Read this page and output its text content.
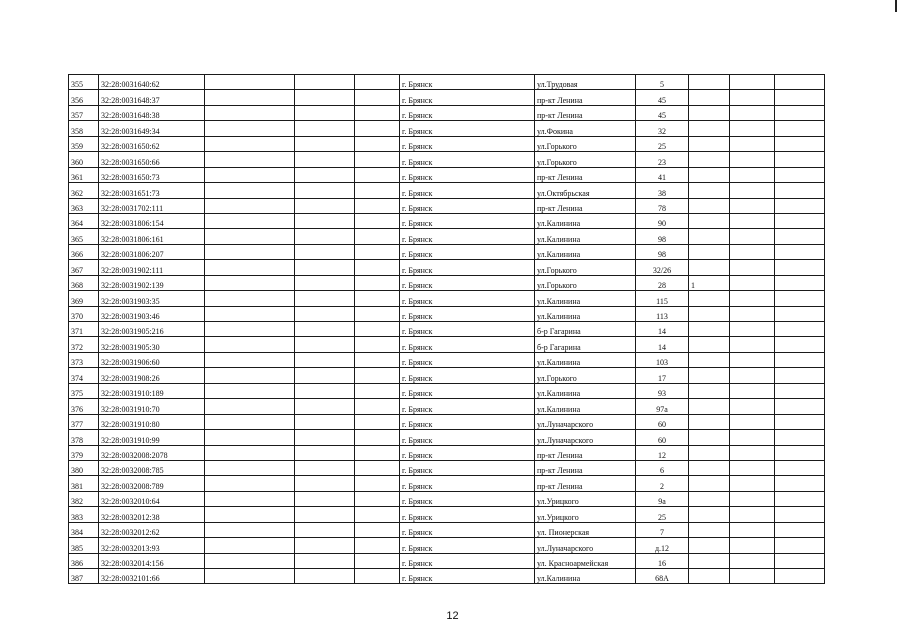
355	32:28:0031640:62				г. Брянск	ул.Трудовая	5			
356	32:28:0031648:37				г. Брянск	пр-кт Ленина	45			
357	32:28:0031648:38				г. Брянск	пр-кт Ленина	45			
358	32:28:0031649:34				г. Брянск	ул.Фокина	32			
359	32:28:0031650:62				г. Брянск	ул.Горького	25			
360	32:28:0031650:66				г. Брянск	ул.Горького	23			
361	32:28:0031650:73				г. Брянск	пр-кт Ленина	41			
362	32:28:0031651:73				г. Брянск	ул.Октябрьская	38			
363	32:28:0031702:111				г. Брянск	пр-кт Ленина	78			
364	32:28:0031806:154				г. Брянск	ул.Калинина	90			
365	32:28:0031806:161				г. Брянск	ул.Калинина	98			
366	32:28:0031806:207				г. Брянск	ул.Калинина	98			
367	32:28:0031902:111				г. Брянск	ул.Горького	32/26			
368	32:28:0031902:139				г. Брянск	ул.Горького	28	1		
369	32:28:0031903:35				г. Брянск	ул.Калинина	115			
370	32:28:0031903:46				г. Брянск	ул.Калинина	113			
371	32:28:0031905:216				г. Брянск	б-р Гагарина	14			
372	32:28:0031905:30				г. Брянск	б-р Гагарина	14			
373	32:28:0031906:60				г. Брянск	ул.Калинина	103			
374	32:28:0031908:26				г. Брянск	ул.Горького	17			
375	32:28:0031910:189				г. Брянск	ул.Калинина	93			
376	32:28:0031910:70				г. Брянск	ул.Калинина	97а			
377	32:28:0031910:80				г. Брянск	ул.Луначарского	60			
378	32:28:0031910:99				г. Брянск	ул.Луначарского	60			
379	32:28:0032008:2078				г. Брянск	пр-кт Ленина	12			
380	32:28:0032008:785				г. Брянск	пр-кт Ленина	6			
381	32:28:0032008:789				г. Брянск	пр-кт Ленина	2			
382	32:28:0032010:64				г. Брянск	ул.Урицкого	9а			
383	32:28:0032012:38				г. Брянск	ул.Урицкого	25			
384	32:28:0032012:62				г. Брянск	ул. Пионерская	7			
385	32:28:0032013:93				г. Брянск	ул.Луначарского	д.12			
386	32:28:0032014:156				г. Брянск	ул. Красноармейская	16			
387	32:28:0032101:66				г. Брянск	ул.Калинина	68А			
12
